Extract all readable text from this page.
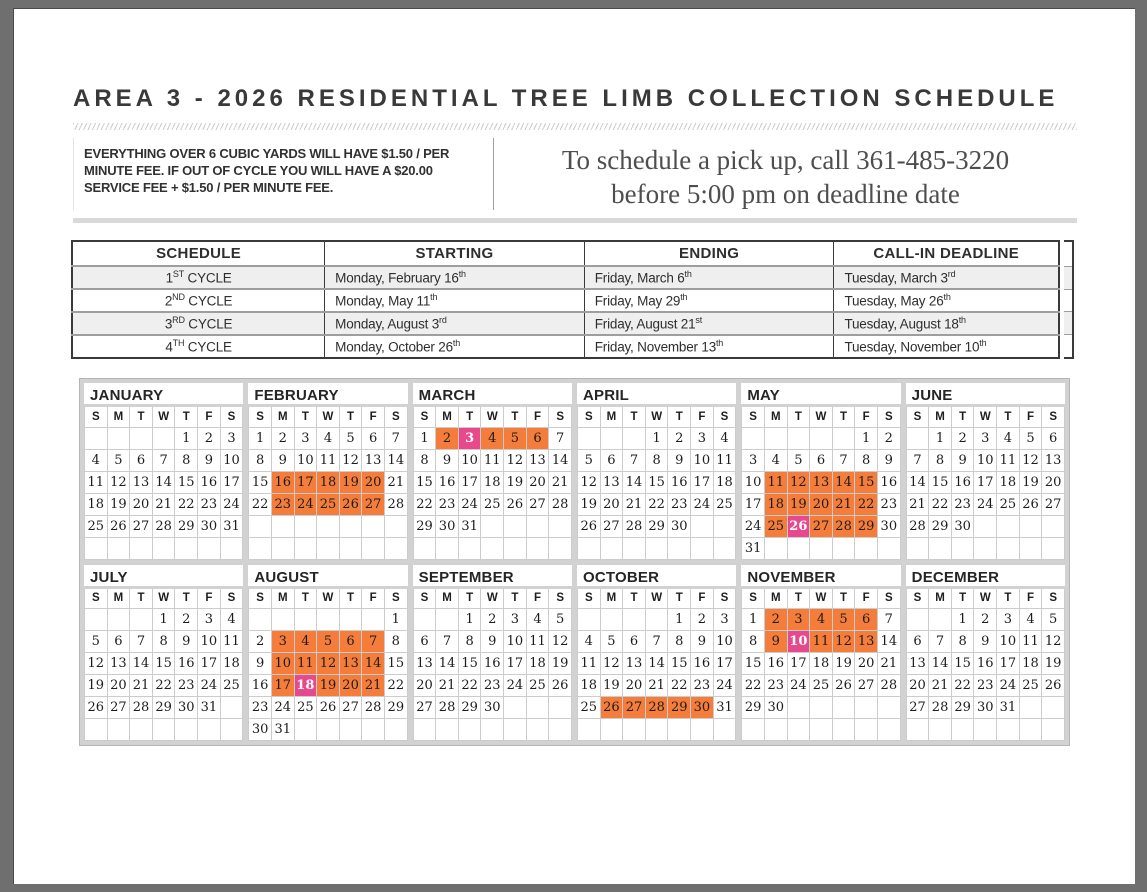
AREA 3 - 2026 RESIDENTIAL TREE LIMB COLLECTION SCHEDULE
EVERYTHING OVER 6 CUBIC YARDS WILL HAVE $1.50 / PER MINUTE FEE. IF OUT OF CYCLE YOU WILL HAVE A $20.00 SERVICE FEE + $1.50 / PER MINUTE FEE.
To schedule a pick up, call 361-485-3220
before 5:00 pm on deadline date
SCHEDULE	STARTING	ENDING	CALL-IN DEADLINE
1ST CYCLE	Monday, February 16th	Friday, March 6th	Tuesday, March 3rd
2ND CYCLE	Monday, May 11th	Friday, May 29th	Tuesday, May 26th
3RD CYCLE	Monday, August 3rd	Friday, August 21st	Tuesday, August 18th
4TH CYCLE	Monday, October 26th	Friday, November 13th	Tuesday, November 10th
JANUARY
S	M	T	W	T	F	S
				1	2	3
4	5	6	7	8	9	10
11	12	13	14	15	16	17
18	19	20	21	22	23	24
25	26	27	28	29	30	31

FEBRUARY
S	M	T	W	T	F	S
1	2	3	4	5	6	7
8	9	10	11	12	13	14
15	16	17	18	19	20	21
22	23	24	25	26	27	28

MARCH
S	M	T	W	T	F	S
1	2	3	4	5	6	7
8	9	10	11	12	13	14
15	16	17	18	19	20	21
22	23	24	25	26	27	28
29	30	31				

APRIL
S	M	T	W	T	F	S
			1	2	3	4
5	6	7	8	9	10	11
12	13	14	15	16	17	18
19	20	21	22	23	24	25
26	27	28	29	30		

MAY
S	M	T	W	T	F	S
					1	2
3	4	5	6	7	8	9
10	11	12	13	14	15	16
17	18	19	20	21	22	23
24	25	26	27	28	29	30
31						
JUNE
S	M	T	W	T	F	S
	1	2	3	4	5	6
7	8	9	10	11	12	13
14	15	16	17	18	19	20
21	22	23	24	25	26	27
28	29	30				

JULY
S	M	T	W	T	F	S
			1	2	3	4
5	6	7	8	9	10	11
12	13	14	15	16	17	18
19	20	21	22	23	24	25
26	27	28	29	30	31	

AUGUST
S	M	T	W	T	F	S
						1
2	3	4	5	6	7	8
9	10	11	12	13	14	15
16	17	18	19	20	21	22
23	24	25	26	27	28	29
30	31					
SEPTEMBER
S	M	T	W	T	F	S
		1	2	3	4	5
6	7	8	9	10	11	12
13	14	15	16	17	18	19
20	21	22	23	24	25	26
27	28	29	30			

OCTOBER
S	M	T	W	T	F	S
				1	2	3
4	5	6	7	8	9	10
11	12	13	14	15	16	17
18	19	20	21	22	23	24
25	26	27	28	29	30	31

NOVEMBER
S	M	T	W	T	F	S
1	2	3	4	5	6	7
8	9	10	11	12	13	14
15	16	17	18	19	20	21
22	23	24	25	26	27	28
29	30					

DECEMBER
S	M	T	W	T	F	S
		1	2	3	4	5
6	7	8	9	10	11	12
13	14	15	16	17	18	19
20	21	22	23	24	25	26
27	28	29	30	31		
